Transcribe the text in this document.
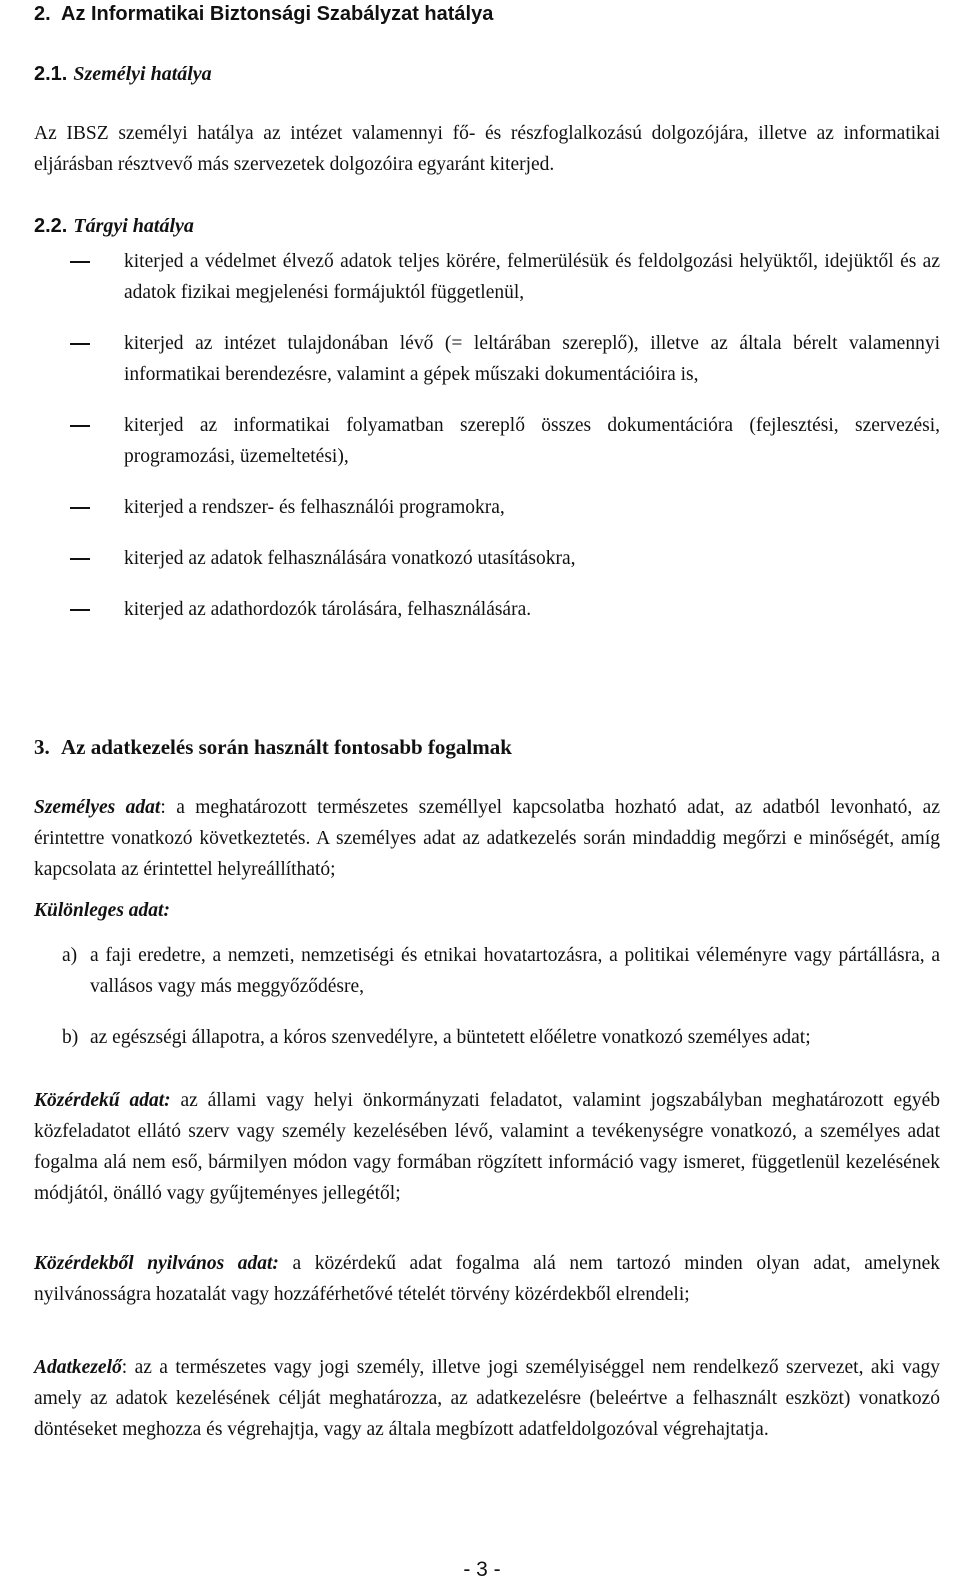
2. Az Informatikai Biztonsági Szabályzat hatálya
2.1. Személyi hatálya
Az IBSZ személyi hatálya az intézet valamennyi fő- és részfoglalkozású dolgozójára, illetve az informatikai eljárásban résztvevő más szervezetek dolgozóira egyaránt kiterjed.
2.2. Tárgyi hatálya
kiterjed a védelmet élvező adatok teljes körére, felmerülésük és feldolgozási helyüktől, idejüktől és az adatok fizikai megjelenési formájuktól függetlenül,
kiterjed az intézet tulajdonában lévő (= leltárában szereplő), illetve az általa bérelt valamennyi informatikai berendezésre, valamint a gépek műszaki dokumentációira is,
kiterjed az informatikai folyamatban szereplő összes dokumentációra (fejlesztési, szervezési, programozási, üzemeltetési),
kiterjed a rendszer- és felhasználói programokra,
kiterjed az adatok felhasználására vonatkozó utasításokra,
kiterjed az adathordozók tárolására, felhasználására.
3. Az adatkezelés során használt fontosabb fogalmak
Személyes adat: a meghatározott természetes személlyel kapcsolatba hozható adat, az adatból levonható, az érintettre vonatkozó következtetés. A személyes adat az adatkezelés során mindaddig megőrzi e minőségét, amíg kapcsolata az érintettel helyreállítható;
Különleges adat:
a) a faji eredetre, a nemzeti, nemzetiségi és etnikai hovatartozásra, a politikai véleményre vagy pártállásra, a vallásos vagy más meggyőződésre,
b) az egészségi állapotra, a kóros szenvedélyre, a büntetett előéletre vonatkozó személyes adat;
Közérdekű adat: az állami vagy helyi önkormányzati feladatot, valamint jogszabályban meghatározott egyéb közfeladatot ellátó szerv vagy személy kezelésében lévő, valamint a tevékenységre vonatkozó, a személyes adat fogalma alá nem eső, bármilyen módon vagy formában rögzített információ vagy ismeret, függetlenül kezelésének módjától, önálló vagy gyűjteményes jellegétől;
Közérdekből nyilvános adat: a közérdekű adat fogalma alá nem tartozó minden olyan adat, amelynek nyilvánosságra hozatalát vagy hozzáférhetővé tételét törvény közérdekből elrendeli;
Adatkezelő: az a természetes vagy jogi személy, illetve jogi személyiséggel nem rendelkező szervezet, aki vagy amely az adatok kezelésének célját meghatározza, az adatkezelésre (beleértve a felhasznált eszközt) vonatkozó döntéseket meghozza és végrehajtja, vagy az általa megbízott adatfeldolgozóval végrehajtatja.
- 3 -
